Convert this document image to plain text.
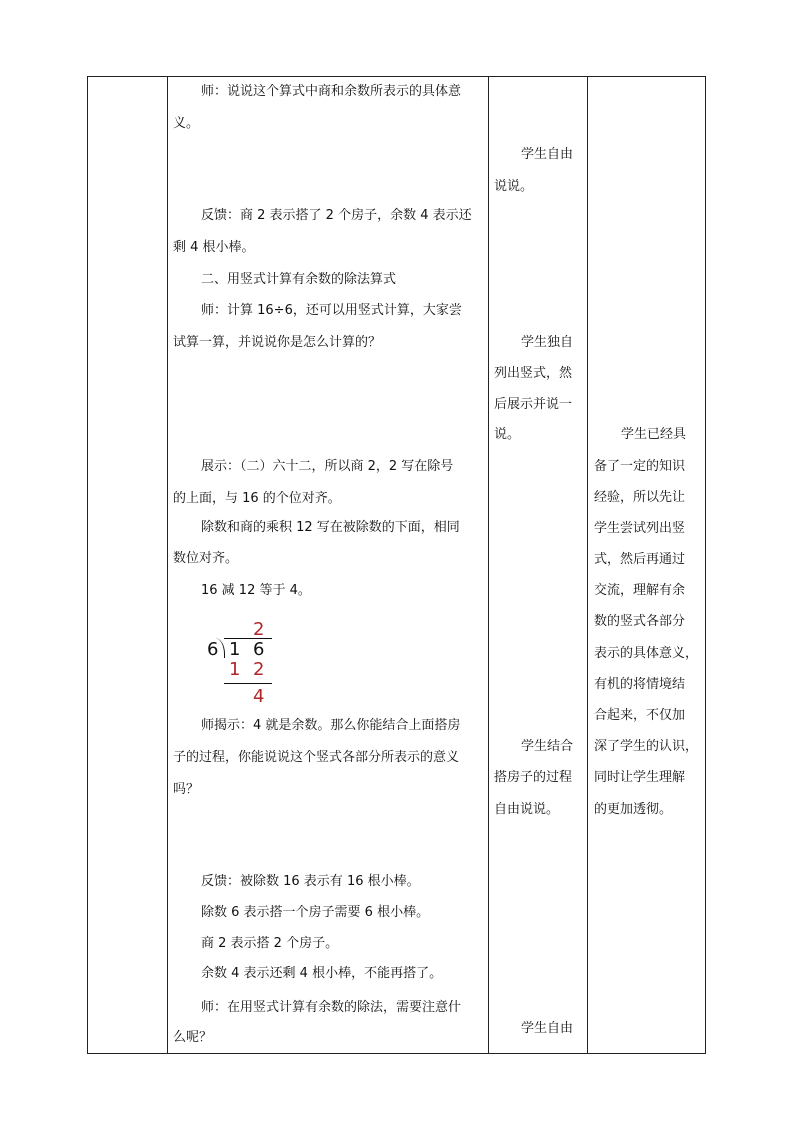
师：说说这个算式中商和余数所表示的具体意
义。
反馈：商 2 表示搭了 2 个房子，余数 4 表示还
剩 4 根小棒。
二、用竖式计算有余数的除法算式
师：计算 16÷6，还可以用竖式计算，大家尝
试算一算，并说说你是怎么计算的？
展示：（二）六十二，所以商 2，2 写在除号
的上面，与 16 的个位对齐。
除数和商的乘积 12 写在被除数的下面，相同
数位对齐。
16 减 12 等于 4。
2
6 1 6
1 2
4
师揭示：4 就是余数。那么你能结合上面搭房
子的过程，你能说说这个竖式各部分所表示的意义
吗？
反馈：被除数 16 表示有 16 根小棒。
除数 6 表示搭一个房子需要 6 根小棒。
商 2 表示搭 2 个房子。
余数 4 表示还剩 4 根小棒，不能再搭了。
师：在用竖式计算有余数的除法，需要注意什
么呢？
学生自由
说说。
学生独自
列出竖式，然
后展示并说一
说。
学生结合
搭房子的过程
自由说说。
学生自由
学生已经具
备了一定的知识
经验，所以先让
学生尝试列出竖
式，然后再通过
交流，理解有余
数的竖式各部分
表示的具体意义，
有机的将情境结
合起来，不仅加
深了学生的认识，
同时让学生理解
的更加透彻。
